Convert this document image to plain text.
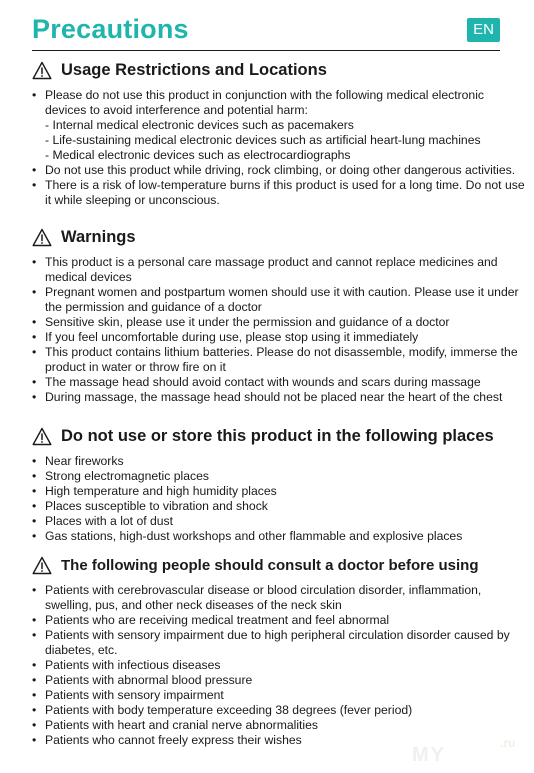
Precautions	EN
Usage Restrictions and Locations
• Please do not use this product in conjunction with the following medical electronic devices to avoid interference and potential harm:
- Internal medical electronic devices such as pacemakers
- Life-sustaining medical electronic devices such as artificial heart-lung machines
- Medical electronic devices such as electrocardiographs
• Do not use this product while driving, rock climbing, or doing other dangerous activities.
• There is a risk of low-temperature burns if this product is used for a long time. Do not use it while sleeping or unconscious.
Warnings
• This product is a personal care massage product and cannot replace medicines and medical devices
• Pregnant women and postpartum women should use it with caution. Please use it under the permission and guidance of a doctor
• Sensitive skin, please use it under the permission and guidance of a doctor
• If you feel uncomfortable during use, please stop using it immediately
• This product contains lithium batteries. Please do not disassemble, modify, immerse the product in water or throw fire on it
• The massage head should avoid contact with wounds and scars during massage
• During massage, the massage head should not be placed near the heart of the chest
Do not use or store this product in the following places
• Near fireworks
• Strong electromagnetic places
• High temperature and high humidity places
• Places susceptible to vibration and shock
• Places with a lot of dust
• Gas stations, high-dust workshops and other flammable and explosive places
The following people should consult a doctor before using
• Patients with cerebrovascular disease or blood circulation disorder, inflammation, swelling, pus, and other neck diseases of the neck skin
• Patients who are receiving medical treatment and feel abnormal
• Patients with sensory impairment due to high peripheral circulation disorder caused by diabetes, etc.
• Patients with infectious diseases
• Patients with abnormal blood pressure
• Patients with sensory impairment
• Patients with body temperature exceeding 38 degrees (fever period)
• Patients with heart and cranial nerve abnormalities
• Patients who cannot freely express their wishes
MY
.ru
